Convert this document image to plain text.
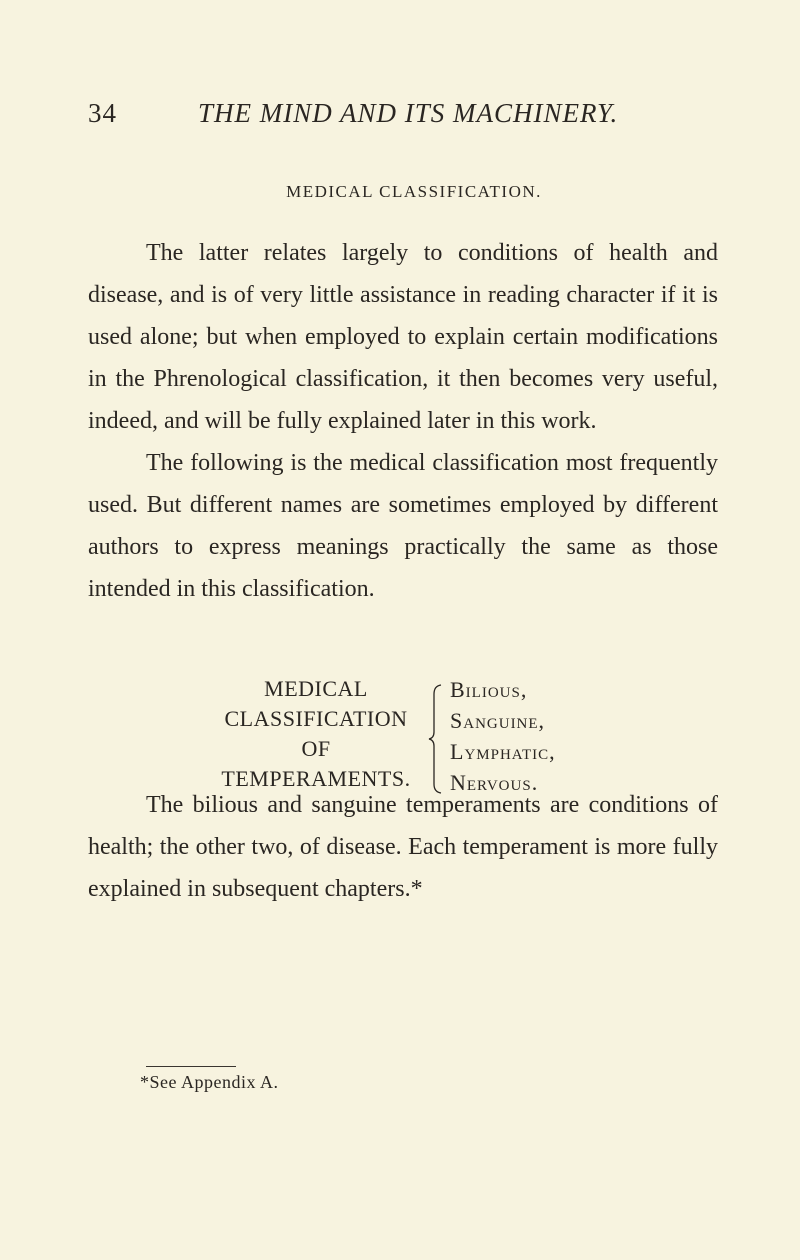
34	THE MIND AND ITS MACHINERY.
MEDICAL CLASSIFICATION.

The latter relates largely to conditions of health and disease, and is of very little assistance in reading character if it is used alone; but when employed to explain certain modifications in the Phrenological classification, it then becomes very useful, indeed, and will be fully explained later in this work.

The following is the medical classification most frequently used. But different names are sometimes employed by different authors to express meanings practically the same as those intended in this classification.

MEDICAL
CLASSIFICATION
OF
TEMPERAMENTS.
Bilious,
Sanguine,
Lymphatic,
Nervous.

The bilious and sanguine temperaments are conditions of health; the other two, of disease. Each temperament is more fully explained in subsequent chapters.*

*See Appendix A.
